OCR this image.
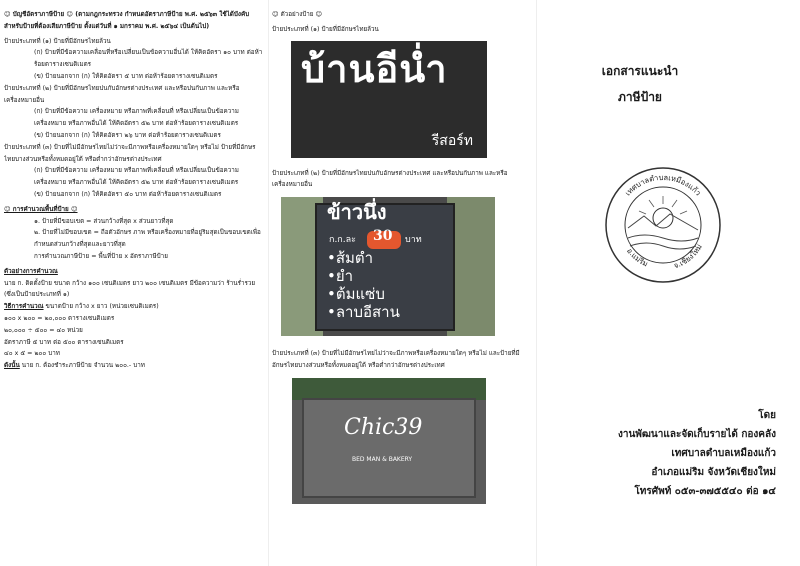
☺ บัญชีอัตราภาษีป้าย ☺ (ตามกฎกระทรวง กำหนดอัตราภาษีป้าย พ.ศ. ๒๕๖๓ ใช้ได้บังคับสำหรับป้ายที่ต้องเสียภาษีป้าย ตั้งแต่วันที่ ๑ มกราคม พ.ศ. ๒๕๖๔ เป็นต้นไป)

ป้ายประเภทที่ (๑) ป้ายที่มีอักษรไทยล้วน

(ก) ป้ายที่มีข้อความเคลื่อนที่หรือเปลี่ยนเป็นข้อความอื่นได้ ให้คิดอัตรา ๑๐ บาท ต่อห้าร้อยตารางเซนติเมตร

(ข) ป้ายนอกจาก (ก) ให้คิดอัตรา ๕ บาท ต่อห้าร้อยตารางเซนติเมตร

ป้ายประเภทที่ (๒) ป้ายที่มีอักษรไทยปนกับอักษรต่างประเทศ และหรือปนกับภาพ และหรือเครื่องหมายอื่น

(ก) ป้ายที่มีข้อความ เครื่องหมาย หรือภาพที่เคลื่อนที่ หรือเปลี่ยนเป็นข้อความ เครื่องหมาย หรือภาพอื่นได้ ให้คิดอัตรา ๕๒ บาท ต่อห้าร้อยตารางเซนติเมตร

(ข) ป้ายนอกจาก (ก) ให้คิดอัตรา ๒๖ บาท ต่อห้าร้อยตารางเซนติเมตร

ป้ายประเภทที่ (๓) ป้ายที่ไม่มีอักษรไทยไม่ว่าจะมีภาพหรือเครื่องหมายใดๆ หรือไม่ ป้ายที่มีอักษรไทยบางส่วนหรือทั้งหมดอยู่ใต้ หรือต่ำกว่าอักษรต่างประเทศ

(ก) ป้ายที่มีข้อความ เครื่องหมาย หรือภาพที่เคลื่อนที่ หรือเปลี่ยนเป็นข้อความ เครื่องหมาย หรือภาพอื่นได้ ให้คิดอัตรา ๕๒ บาท ต่อห้าร้อยตารางเซนติเมตร

(ข) ป้ายนอกจาก (ก) ให้คิดอัตรา ๕๐ บาท ต่อห้าร้อยตารางเซนติเมตร

☺ การคำนวณพื้นที่ป้าย ☺

๑. ป้ายที่มีขอบเขต = ส่วนกว้างที่สุด x ส่วนยาวที่สุด

๒. ป้ายที่ไม่มีขอบเขต = ถือตัวอักษร ภาพ หรือเครื่องหมายที่อยู่ริมสุดเป็นขอบเขตเพื่อกำหนดส่วนกว้างที่สุดและยาวที่สุด

การคำนวณภาษีป้าย = พื้นที่ป้าย x อัตราภาษีป้าย

ตัวอย่างการคำนวณ

นาย ก. ติดตั้งป้าย ขนาด กว้าง ๑๐๐ เซนติเมตร ยาว ๒๐๐ เซนติเมตร มีข้อความว่า ร้านร่ำรวย (ซึ่งเป็นป้ายประเภทที่ ๑)

วิธีการคำนวณ ขนาดป้าย กว้าง x ยาว (หน่วยเซนติเมตร)

๑๐๐ x ๒๐๐ = ๒๐,๐๐๐ ตารางเซนติเมตร

๒๐,๐๐๐ ÷ ๕๐๐ = ๔๐ หน่วย

อัตราภาษี ๕ บาท ต่อ ๕๐๐ ตารางเซนติเมตร

๔๐ x ๕ = ๒๐๐ บาท

ดังนั้น นาย ก. ต้องชำระภาษีป้าย จำนวน ๒๐๐.- บาท

☺ ตัวอย่างป้าย ☺

ป้ายประเภทที่ (๑) ป้ายที่มีอักษรไทยล้วน

บ้านอีน่ำ
รีสอร์ท

ป้ายประเภทที่ (๒) ป้ายที่มีอักษรไทยปนกับอักษรต่างประเทศ และหรือปนกับภาพ และหรือเครื่องหมายอื่น

ข้าวนึ่ง
ก.ก.ละ 30 บาท
•ส้มตำ
•ยำ
•ต้มแซ่บ
•ลาบอีสาน

ป้ายประเภทที่ (๓) ป้ายที่ไม่มีอักษรไทยไม่ว่าจะมีภาพหรือเครื่องหมายใดๆ หรือไม่ และป้ายที่มีอักษรไทยบางส่วนหรือทั้งหมดอยู่ใต้ หรือต่ำกว่าอักษรต่างประเทศ

Chic39
BED MAN & BAKERY
เอกสารแนะนำ
ภาษีป้าย
เทศบาลตำบลเหมืองแก้ว
อ.แม่ริม	จ.เชียงใหม่
โดย
งานพัฒนาและจัดเก็บรายได้ กองคลัง
เทศบาลตำบลเหมืองแก้ว
อำเภอแม่ริม จังหวัดเชียงใหม่
โทรศัพท์ ๐๕๓-๓๗๕๕๔๐ ต่อ ๑๔
